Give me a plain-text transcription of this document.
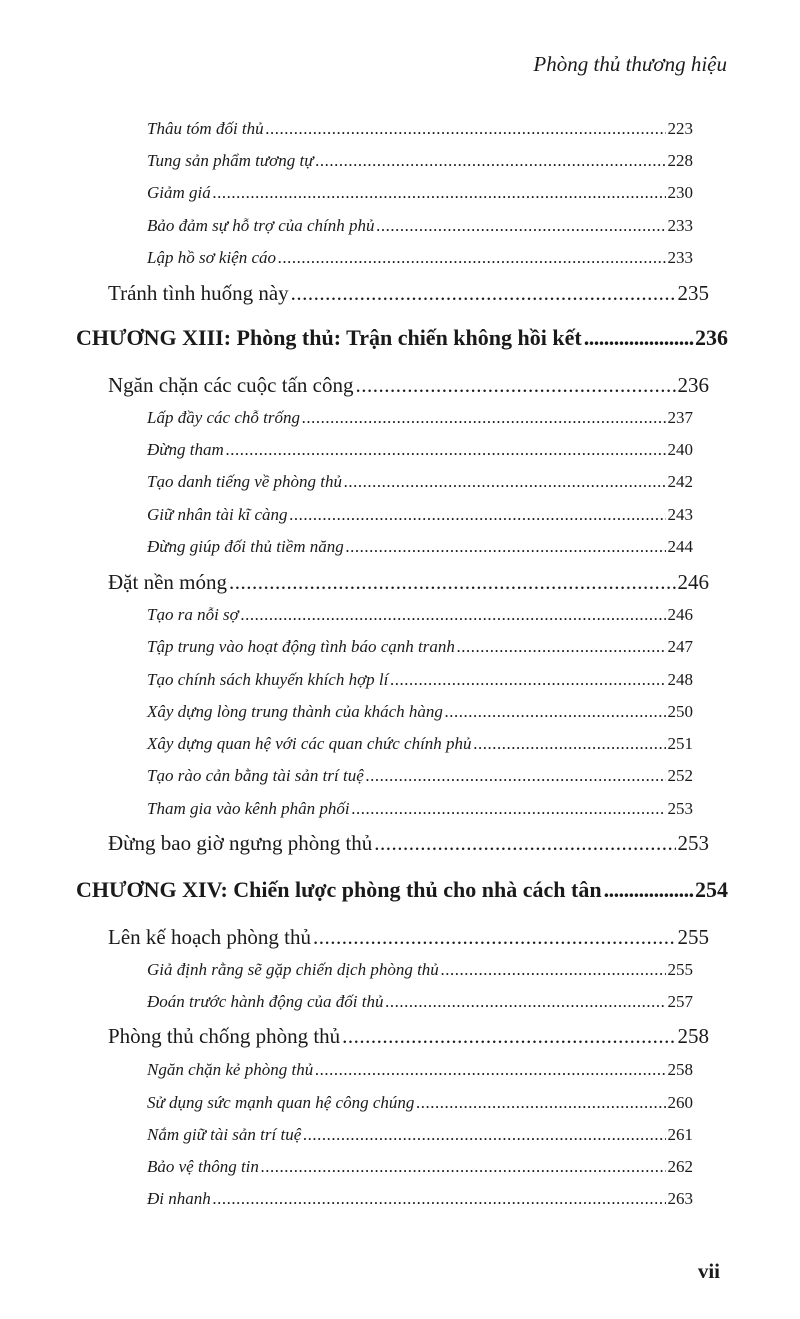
Phòng thủ thương hiệu
Thâu tóm đối thủ .....	223
Tung sản phẩm tương tự .....	228
Giảm giá .....	230
Bảo đảm sự hỗ trợ của chính phủ .....	233
Lập hồ sơ kiện cáo .....	233
Tránh tình huống này .....	235
CHƯƠNG XIII: Phòng thủ: Trận chiến không hồi kết .....	236
Ngăn chặn các cuộc tấn công .....	236
Lấp đầy các chỗ trống .....	237
Đừng tham .....	240
Tạo danh tiếng về phòng thủ .....	242
Giữ nhân tài kĩ càng .....	243
Đừng giúp đối thủ tiềm năng .....	244
Đặt nền móng .....	246
Tạo ra nỗi sợ .....	246
Tập trung vào hoạt động tình báo cạnh tranh .....	247
Tạo chính sách khuyến khích hợp lí .....	248
Xây dựng lòng trung thành của khách hàng .....	250
Xây dựng quan hệ với các quan chức chính phủ .....	251
Tạo rào cản bằng tài sản trí tuệ .....	252
Tham gia vào kênh phân phối .....	253
Đừng bao giờ ngưng phòng thủ .....	253
CHƯƠNG XIV: Chiến lược phòng thủ cho nhà cách tân .....	254
Lên kế hoạch phòng thủ .....	255
Giả định rằng sẽ gặp chiến dịch phòng thủ .....	255
Đoán trước hành động của đối thủ .....	257
Phòng thủ chống phòng thủ .....	258
Ngăn chặn kẻ phòng thủ .....	258
Sử dụng sức mạnh quan hệ công chúng .....	260
Nắm giữ tài sản trí tuệ .....	261
Bảo vệ thông tin .....	262
Đi nhanh .....	263
vii
